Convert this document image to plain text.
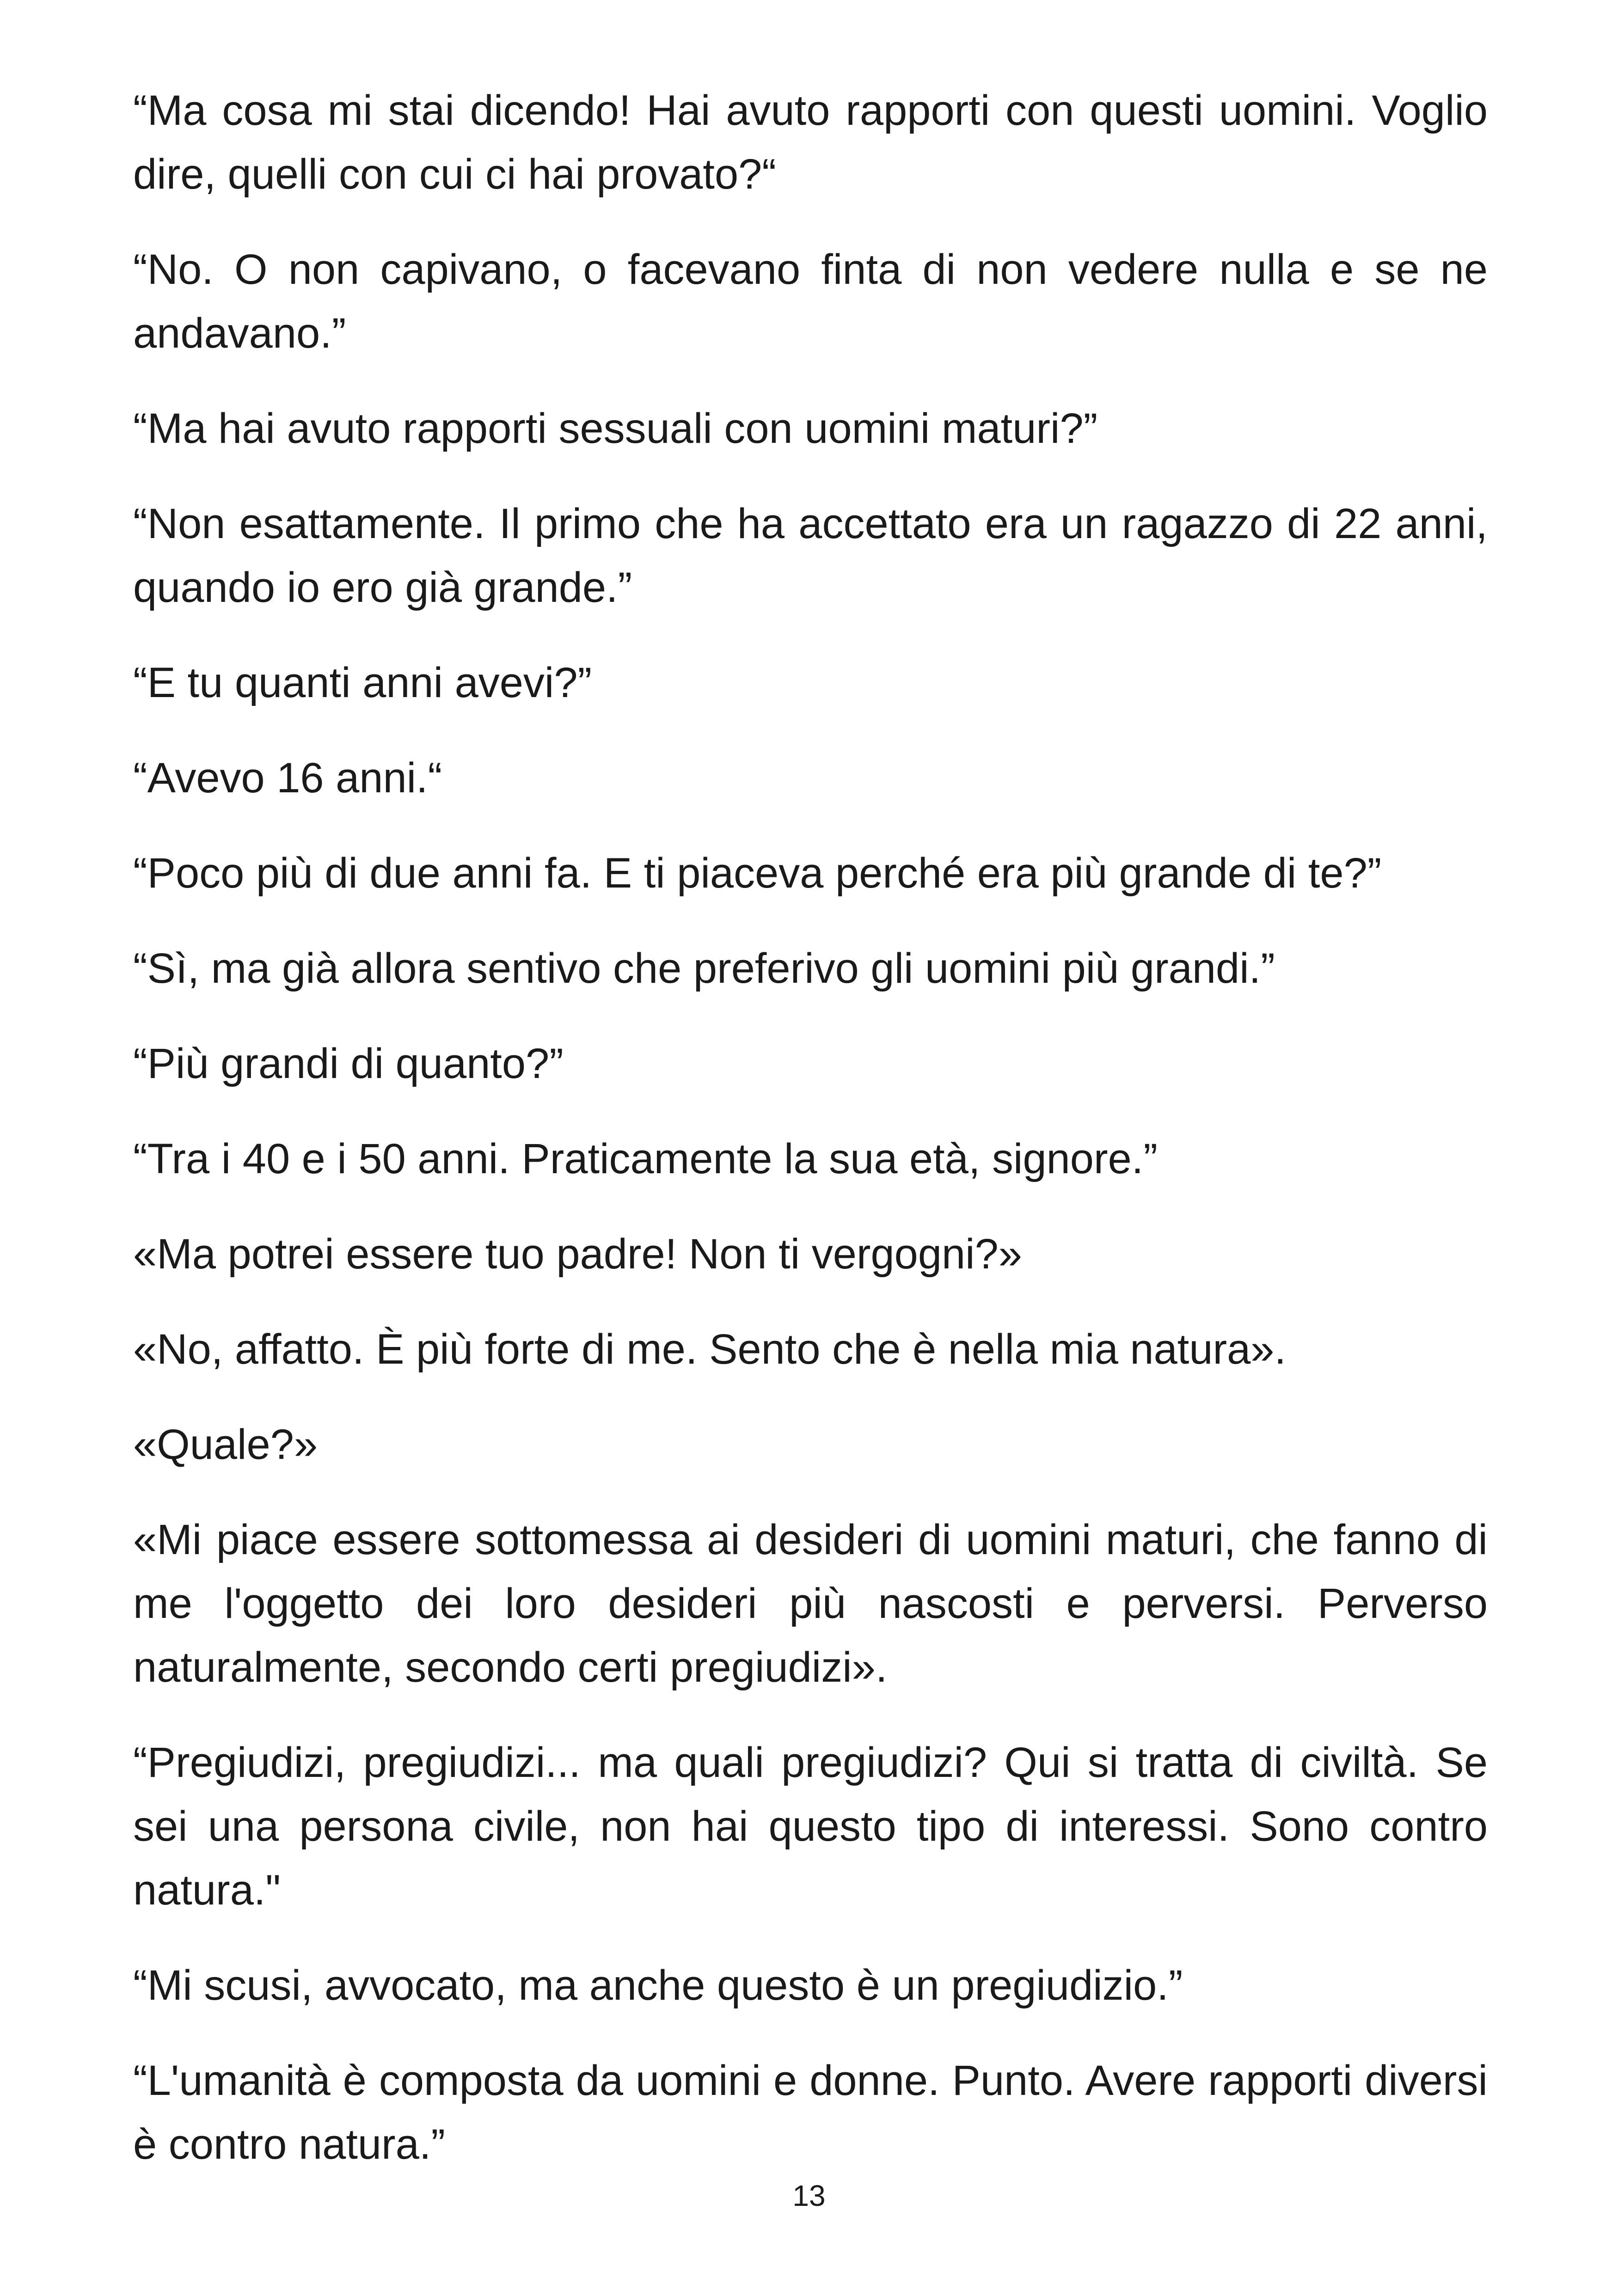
“Ma cosa mi stai dicendo! Hai avuto rapporti con questi uomini. Voglio dire, quelli con cui ci hai provato?“

“No. O non capivano, o facevano finta di non vedere nulla e se ne andavano.”

“Ma hai avuto rapporti sessuali con uomini maturi?”

“Non esattamente. Il primo che ha accettato era un ragazzo di 22 anni, quando io ero già grande.”

“E tu quanti anni avevi?”

“Avevo 16 anni.“

“Poco più di due anni fa. E ti piaceva perché era più grande di te?”

“Sì, ma già allora sentivo che preferivo gli uomini più grandi.”

“Più grandi di quanto?”

“Tra i 40 e i 50 anni. Praticamente la sua età, signore.”

«Ma potrei essere tuo padre! Non ti vergogni?»

«No, affatto. È più forte di me. Sento che è nella mia natura».

«Quale?»

«Mi piace essere sottomessa ai desideri di uomini maturi, che fanno di me l'oggetto dei loro desideri più nascosti e perversi. Perverso naturalmente, secondo certi pregiudizi».

“Pregiudizi, pregiudizi... ma quali pregiudizi? Qui si tratta di civiltà. Se sei una persona civile, non hai questo tipo di interessi. Sono contro natura."

“Mi scusi, avvocato, ma anche questo è un pregiudizio.”

“L'umanità è composta da uomini e donne. Punto. Avere rapporti diversi è contro natura.”

13
